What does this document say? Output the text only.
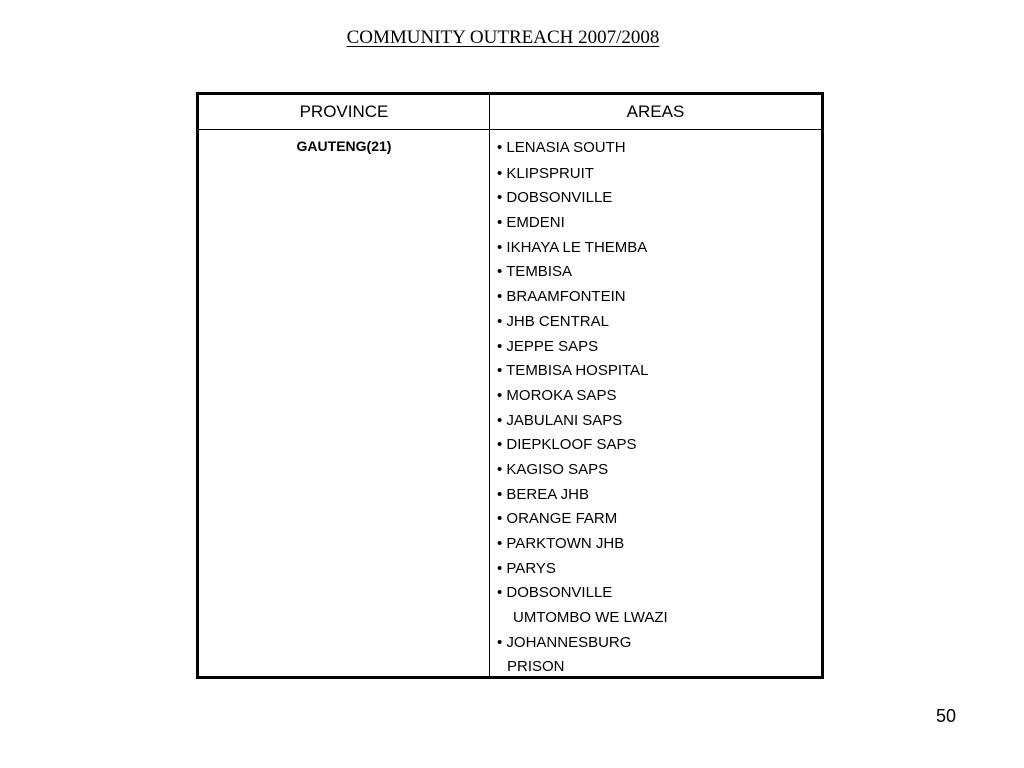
COMMUNITY OUTREACH 2007/2008
PROVINCE	AREAS
GAUTENG(21)	• LENASIA SOUTH
• KLIPSPRUIT
• DOBSONVILLE
• EMDENI
• IKHAYA LE THEMBA
• TEMBISA
• BRAAMFONTEIN
• JHB CENTRAL
• JEPPE SAPS
• TEMBISA HOSPITAL
• MOROKA SAPS
• JABULANI SAPS
• DIEPKLOOF SAPS
• KAGISO SAPS
• BEREA JHB
• ORANGE FARM
• PARKTOWN JHB
• PARYS
• DOBSONVILLE
UMTOMBO WE LWAZI
• JOHANNESBURG
PRISON
50
